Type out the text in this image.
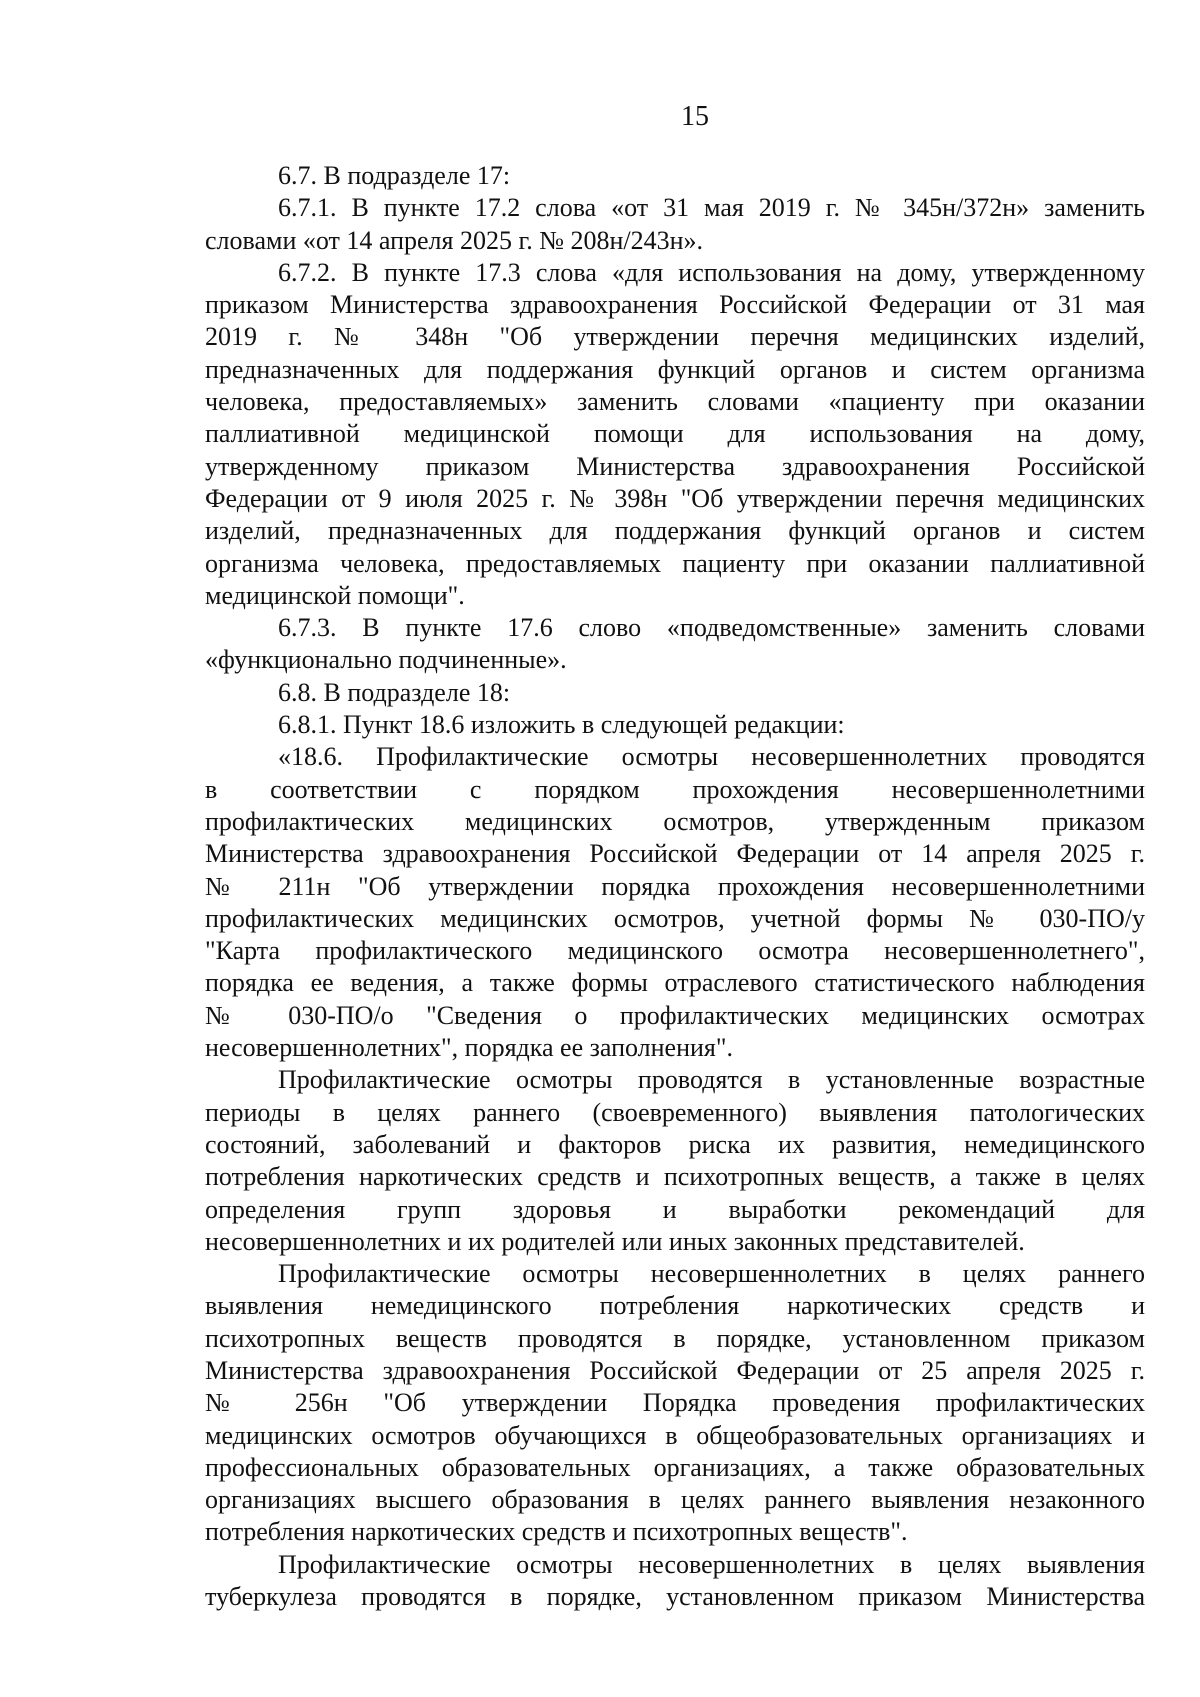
15
6.7. В подразделе 17:
6.7.1. В пункте 17.2 слова «от 31 мая 2019 г. № 345н/372н» заменить
словами «от 14 апреля 2025 г. № 208н/243н».
6.7.2. В пункте 17.3 слова «для использования на дому, утвержденному
приказом Министерства здравоохранения Российской Федерации от 31 мая
2019 г. № 348н "Об утверждении перечня медицинских изделий,
предназначенных для поддержания функций органов и систем организма
человека, предоставляемых» заменить словами «пациенту при оказании
паллиативной медицинской помощи для использования на дому,
утвержденному приказом Министерства здравоохранения Российской
Федерации от 9 июля 2025 г. № 398н "Об утверждении перечня медицинских
изделий, предназначенных для поддержания функций органов и систем
организма человека, предоставляемых пациенту при оказании паллиативной
медицинской помощи".
6.7.3. В пункте 17.6 слово «подведомственные» заменить словами
«функционально подчиненные».
6.8. В подразделе 18:
6.8.1. Пункт 18.6 изложить в следующей редакции:
«18.6. Профилактические осмотры несовершеннолетних проводятся
в соответствии с порядком прохождения несовершеннолетними
профилактических медицинских осмотров, утвержденным приказом
Министерства здравоохранения Российской Федерации от 14 апреля 2025 г.
№ 211н "Об утверждении порядка прохождения несовершеннолетними
профилактических медицинских осмотров, учетной формы № 030-ПО/у
"Карта профилактического медицинского осмотра несовершеннолетнего",
порядка ее ведения, а также формы отраслевого статистического наблюдения
№ 030-ПО/о "Сведения о профилактических медицинских осмотрах
несовершеннолетних", порядка ее заполнения".
Профилактические осмотры проводятся в установленные возрастные
периоды в целях раннего (своевременного) выявления патологических
состояний, заболеваний и факторов риска их развития, немедицинского
потребления наркотических средств и психотропных веществ, а также в целях
определения групп здоровья и выработки рекомендаций для
несовершеннолетних и их родителей или иных законных представителей.
Профилактические осмотры несовершеннолетних в целях раннего
выявления немедицинского потребления наркотических средств и
психотропных веществ проводятся в порядке, установленном приказом
Министерства здравоохранения Российской Федерации от 25 апреля 2025 г.
№ 256н "Об утверждении Порядка проведения профилактических
медицинских осмотров обучающихся в общеобразовательных организациях и
профессиональных образовательных организациях, а также образовательных
организациях высшего образования в целях раннего выявления незаконного
потребления наркотических средств и психотропных веществ".
Профилактические осмотры несовершеннолетних в целях выявления
туберкулеза проводятся в порядке, установленном приказом Министерства
